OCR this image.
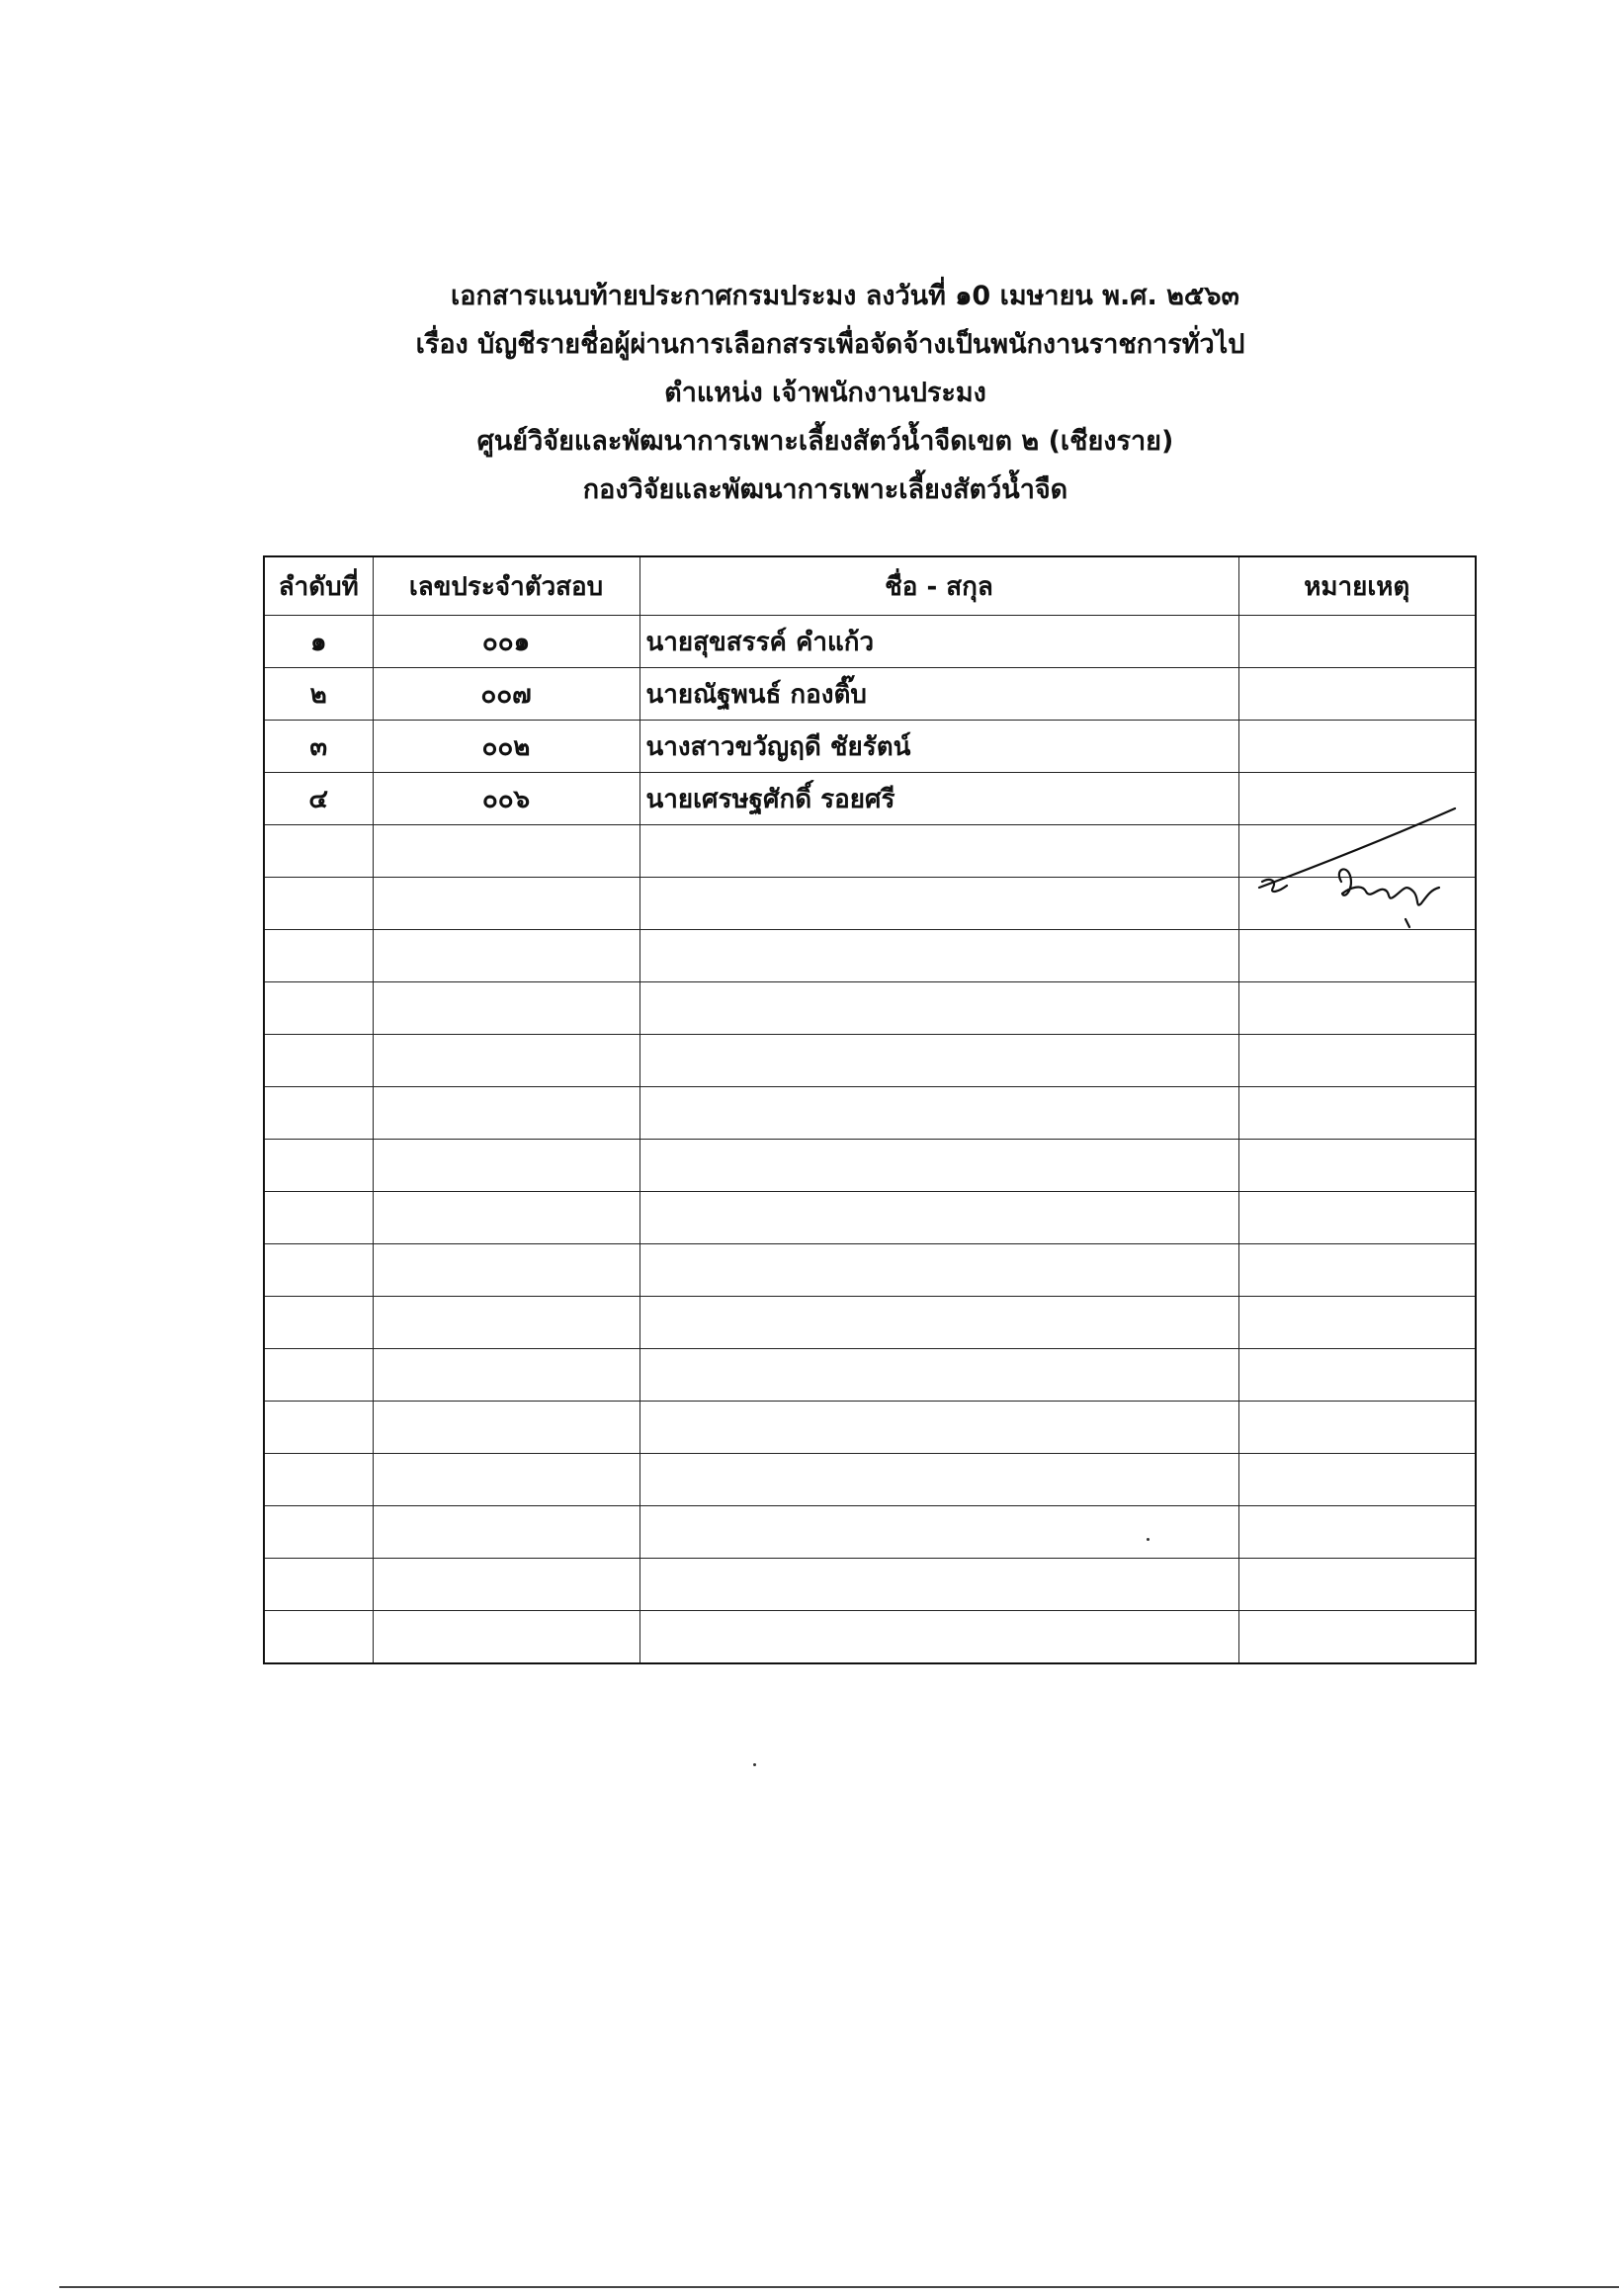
เอกสารแนบท้ายประกาศกรมประมง ลงวันที่ ๑0 เมษายน พ.ศ. ๒๕๖๓
เรื่อง บัญชีรายชื่อผู้ผ่านการเลือกสรรเพื่อจัดจ้างเป็นพนักงานราชการทั่วไป
ตำแหน่ง เจ้าพนักงานประมง
ศูนย์วิจัยและพัฒนาการเพาะเลี้ยงสัตว์น้ำจืดเขต ๒ (เชียงราย)
กองวิจัยและพัฒนาการเพาะเลี้ยงสัตว์น้ำจืด
ลำดับที่	เลขประจำตัวสอบ	ชื่อ - สกุล	หมายเหตุ
๑	๐๐๑	นายสุขสรรค์ คำแก้ว	
๒	๐๐๗	นายณัฐพนธ์ กองติ๊บ	
๓	๐๐๒	นางสาวขวัญฤดี ชัยรัตน์	
๔	๐๐๖	นายเศรษฐศักดิ์ รอยศรี	
